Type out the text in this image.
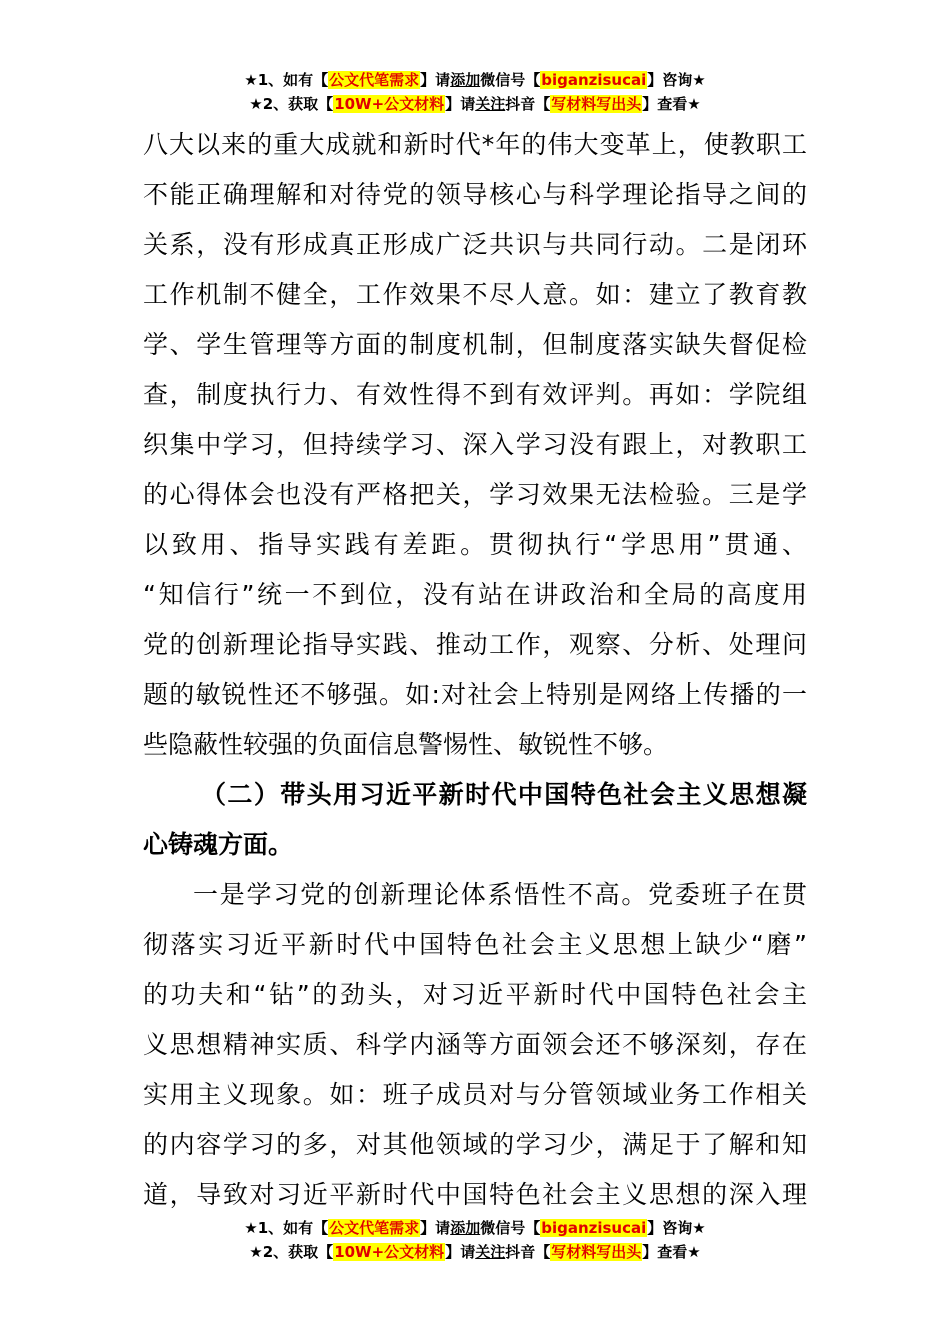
★1、如有【公文代笔需求】请添加微信号【biganzisucai】咨询★
★2、获取【10W+公文材料】请关注抖音【写材料写出头】查看★
八大以来的重大成就和新时代*年的伟大变革上，使教职工
不能正确理解和对待党的领导核心与科学理论指导之间的
关系，没有形成真正形成广泛共识与共同行动。二是闭环
工作机制不健全，工作效果不尽人意。如：建立了教育教
学、学生管理等方面的制度机制，但制度落实缺失督促检
查，制度执行力、有效性得不到有效评判。再如：学院组
织集中学习，但持续学习、深入学习没有跟上，对教职工
的心得体会也没有严格把关，学习效果无法检验。三是学
以致用、指导实践有差距。贯彻执行“学思用”贯通、
“知信行”统一不到位，没有站在讲政治和全局的高度用
党的创新理论指导实践、推动工作，观察、分析、处理问
题的敏锐性还不够强。如:对社会上特别是网络上传播的一
些隐蔽性较强的负面信息警惕性、敏锐性不够。
（二）带头用习近平新时代中国特色社会主义思想凝
心铸魂方面。
一是学习党的创新理论体系悟性不高。党委班子在贯
彻落实习近平新时代中国特色社会主义思想上缺少“磨”
的功夫和“钻”的劲头，对习近平新时代中国特色社会主
义思想精神实质、科学内涵等方面领会还不够深刻，存在
实用主义现象。如：班子成员对与分管领域业务工作相关
的内容学习的多，对其他领域的学习少，满足于了解和知
道，导致对习近平新时代中国特色社会主义思想的深入理
★1、如有【公文代笔需求】请添加微信号【biganzisucai】咨询★
★2、获取【10W+公文材料】请关注抖音【写材料写出头】查看★
